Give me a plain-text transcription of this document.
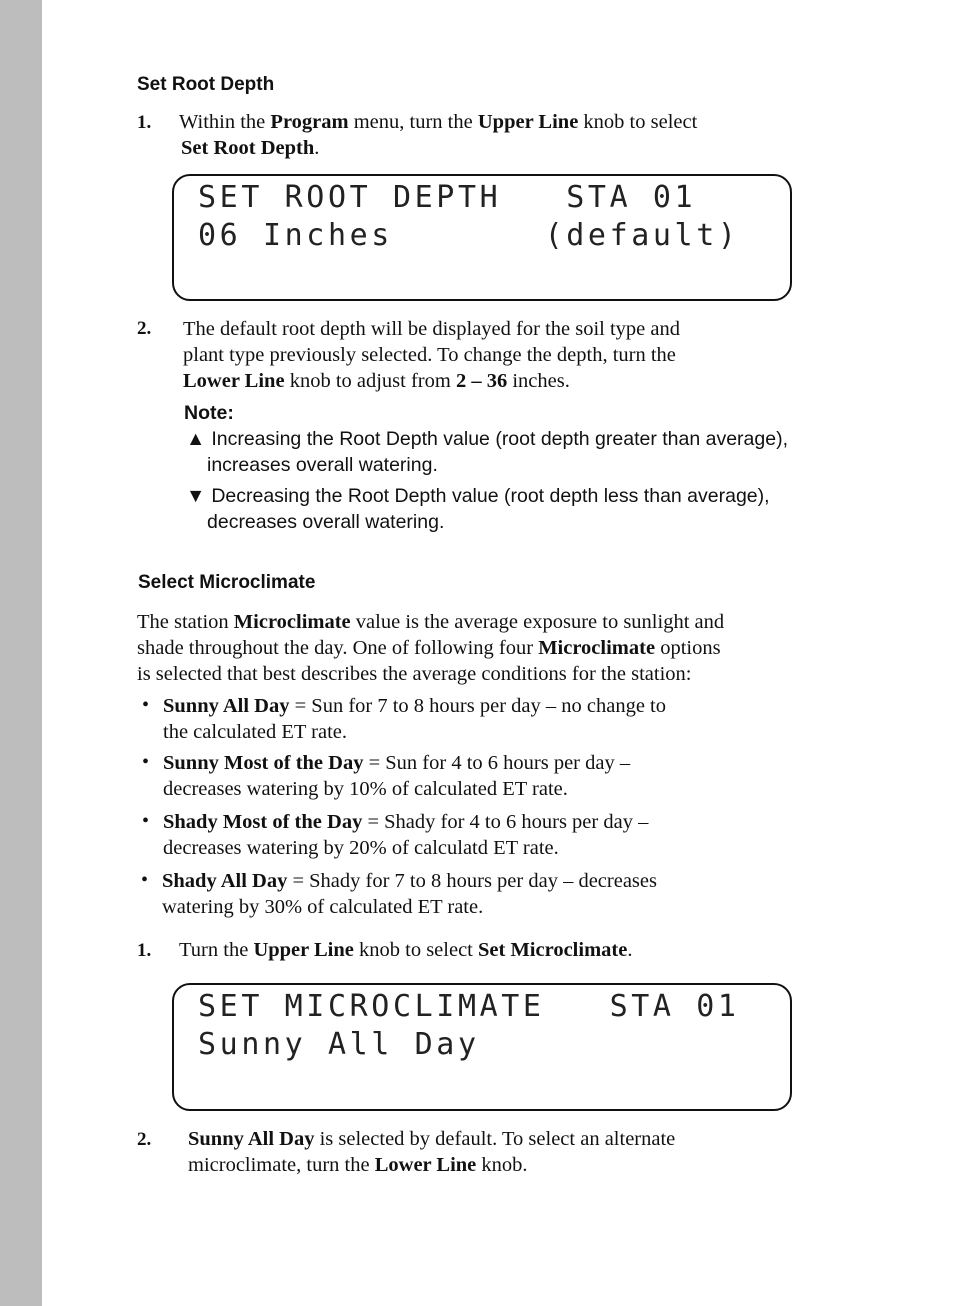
Set Root Depth
1. Within the Program menu, turn the Upper Line knob to select
Set Root Depth.
SET ROOT DEPTH   STA 01
06 Inches       (default)
2. The default root depth will be displayed for the soil type and
plant type previously selected. To change the depth, turn the
Lower Line knob to adjust from 2 – 36 inches.
Note:
▲ Increasing the Root Depth value (root depth greater than average),
increases overall watering.
▼ Decreasing the Root Depth value (root depth less than average),
decreases overall watering.
Select Microclimate
The station Microclimate value is the average exposure to sunlight and
shade throughout the day. One of following four Microclimate options
is selected that best describes the average conditions for the station:
• Sunny All Day = Sun for 7 to 8 hours per day – no change to
the calculated ET rate.
• Sunny Most of the Day = Sun for 4 to 6 hours per day –
decreases watering by 10% of calculated ET rate.
• Shady Most of the Day = Shady for 4 to 6 hours per day –
decreases watering by 20% of calculatd ET rate.
• Shady All Day = Shady for 7 to 8 hours per day – decreases
watering by 30% of calculated ET rate.
1. Turn the Upper Line knob to select Set Microclimate.
SET MICROCLIMATE   STA 01
Sunny All Day
2. Sunny All Day is selected by default. To select an alternate
microclimate, turn the Lower Line knob.
